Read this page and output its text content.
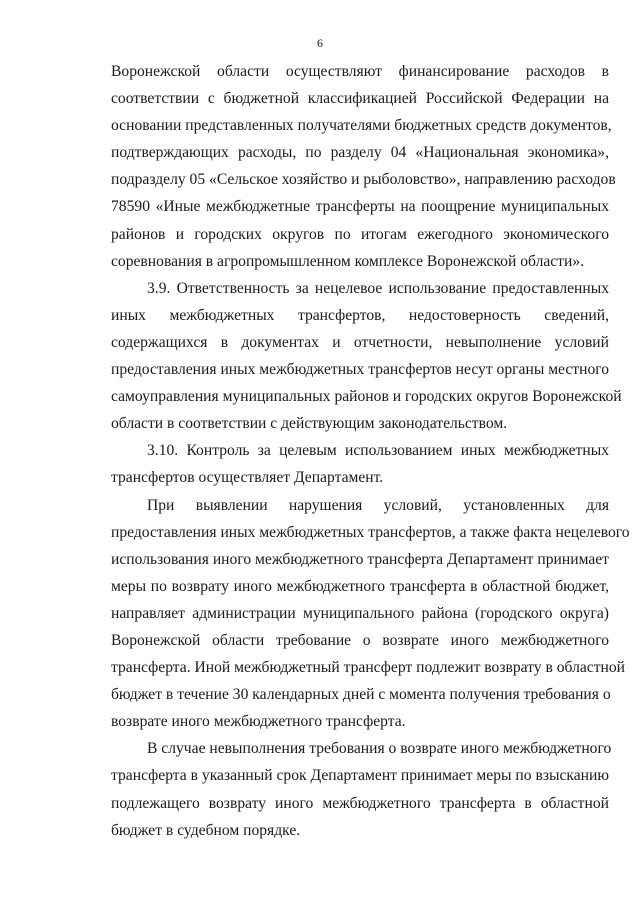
6
Воронежской области осуществляют финансирование расходов в
соответствии с бюджетной классификацией Российской Федерации на
основании представленных получателями бюджетных средств документов,
подтверждающих расходы, по разделу 04 «Национальная экономика»,
подразделу 05 «Сельское хозяйство и рыболовство», направлению расходов
78590 «Иные межбюджетные трансферты на поощрение муниципальных
районов и городских округов по итогам ежегодного экономического
соревнования в агропромышленном комплексе Воронежской области».
3.9. Ответственность за нецелевое использование предоставленных
иных межбюджетных трансфертов, недостоверность сведений,
содержащихся в документах и отчетности, невыполнение условий
предоставления иных межбюджетных трансфертов несут органы местного
самоуправления муниципальных районов и городских округов Воронежской
области в соответствии с действующим законодательством.
3.10. Контроль за целевым использованием иных межбюджетных
трансфертов осуществляет Департамент.
При выявлении нарушения условий, установленных для
предоставления иных межбюджетных трансфертов, а также факта нецелевого
использования иного межбюджетного трансферта Департамент принимает
меры по возврату иного межбюджетного трансферта в областной бюджет,
направляет администрации муниципального района (городского округа)
Воронежской области требование о возврате иного межбюджетного
трансферта. Иной межбюджетный трансферт подлежит возврату в областной
бюджет в течение 30 календарных дней с момента получения требования о
возврате иного межбюджетного трансферта.
В случае невыполнения требования о возврате иного межбюджетного
трансферта в указанный срок Департамент принимает меры по взысканию
подлежащего возврату иного межбюджетного трансферта в областной
бюджет в судебном порядке.
